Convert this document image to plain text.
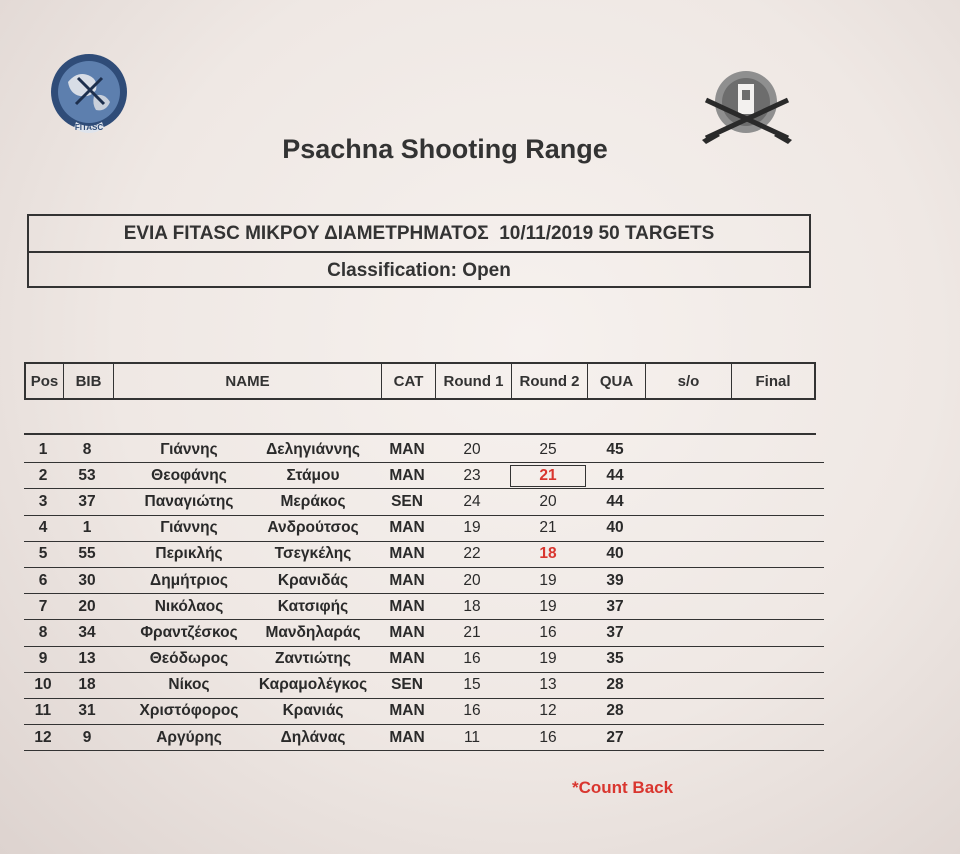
FITASC
Psachna Shooting Range
EVIA FITASC ΜΙΚΡΟΥ ΔΙΑΜΕΤΡΗΜΑΤΟΣ  10/11/2019 50 TARGETS
Classification: Open
Pos	BIB	NAME	CAT	Round 1	Round 2	QUA	s/o	Final
1	8	Γιάννης	Δεληγιάννης	MAN	20	25	45
2	53	Θεοφάνης	Στάμου	MAN	23	21	44
3	37	Παναγιώτης	Μεράκος	SEN	24	20	44
4	1	Γιάννης	Ανδρούτσος	MAN	19	21	40
5	55	Περικλής	Τσεγκέλης	MAN	22	18	40
6	30	Δημήτριος	Κρανιδάς	MAN	20	19	39
7	20	Νικόλαος	Κατσιφής	MAN	18	19	37
8	34	Φραντζέσκος	Μανδηλαράς	MAN	21	16	37
9	13	Θεόδωρος	Ζαντιώτης	MAN	16	19	35
10	18	Νίκος	Καραμολέγκος	SEN	15	13	28
11	31	Χριστόφορος	Κρανιάς	MAN	16	12	28
12	9	Αργύρης	Δηλάνας	MAN	11	16	27
*Count Back
